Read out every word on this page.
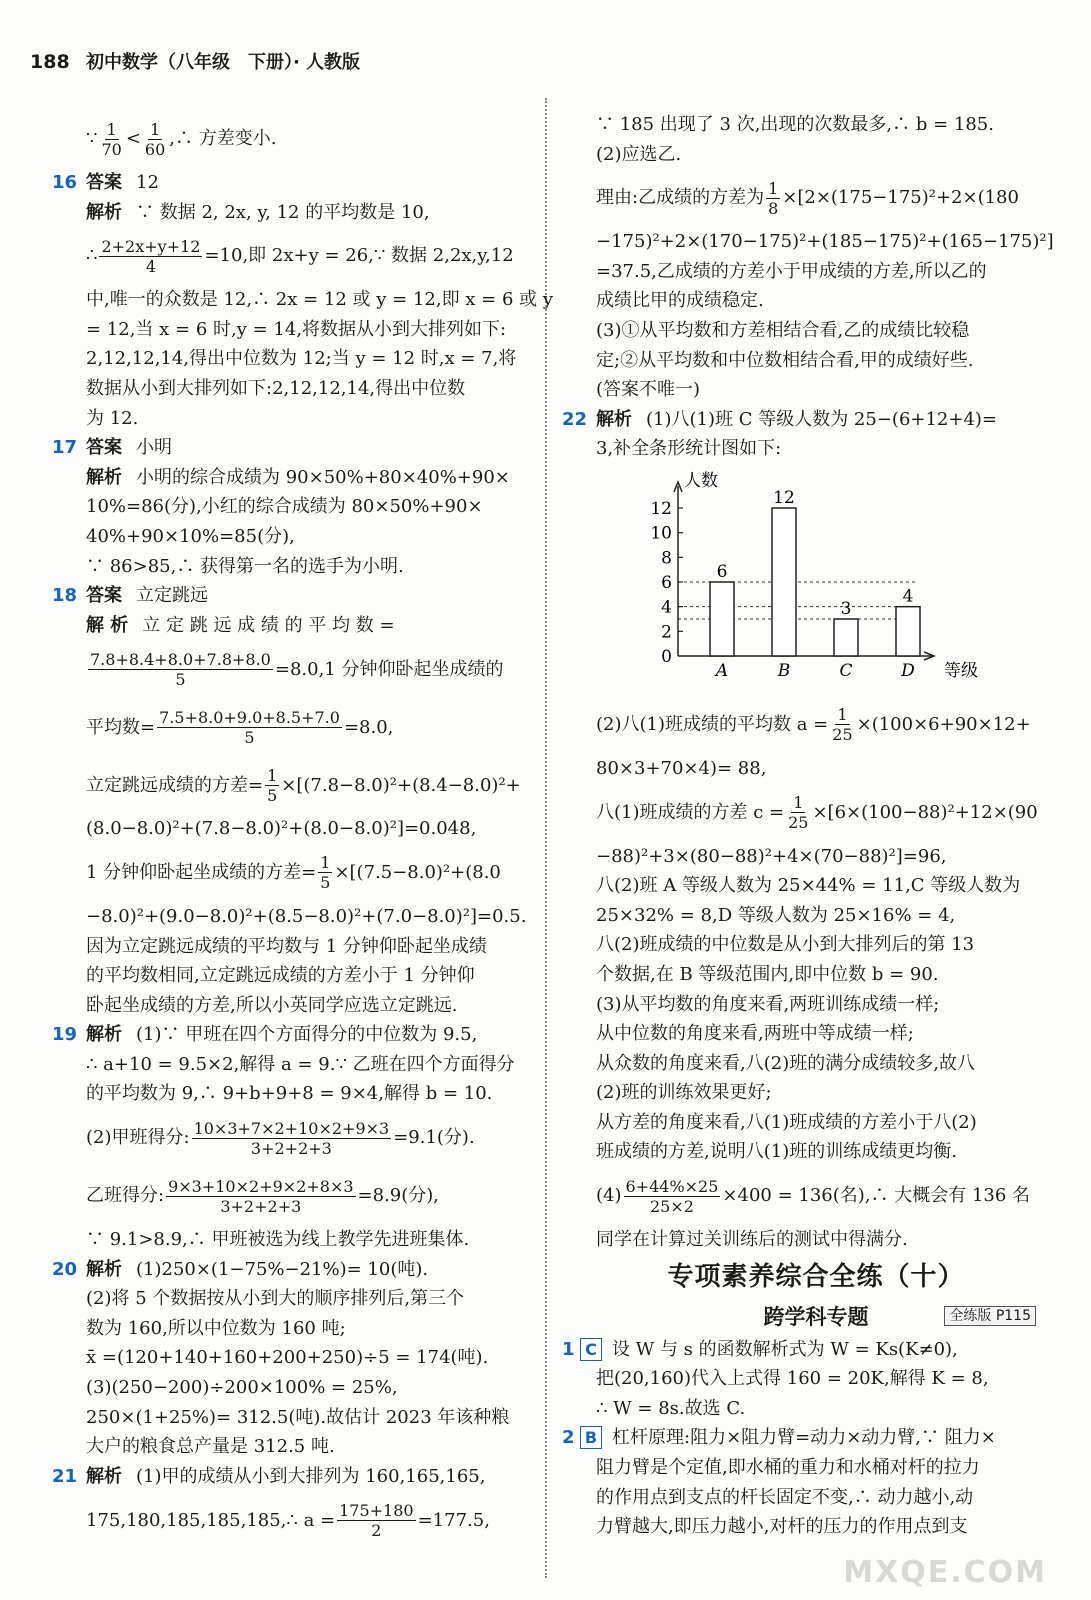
188 初中数学（八年级　下册）· 人教版
∵ $\frac{1}{70} < \frac{1}{60}$ ,∴ 方差变小.
16 答案 12
解析 ∵ 数据 2, 2x, y, 12 的平均数是 10,
∴ $\frac{2+2x+y+12}{4} =10$,即 2x+y = 26,∵ 数据 2,2x,y,12
中,唯一的众数是 12,∴ 2x = 12 或 y = 12,即 x = 6 或 y
= 12,当 x = 6 时,y = 14,将数据从小到大排列如下:
2,12,12,14,得出中位数为 12;当 y = 12 时,x = 7,将
数据从小到大排列如下:2,12,12,14,得出中位数
为 12.
17 答案 小明
解析 小明的综合成绩为 90×50%+80×40%+90×
10%=86(分),小红的综合成绩为 80×50%+90×
40%+90×10%=85(分),
∵ 86>85,∴ 获得第一名的选手为小明.
18 答案 立定跳远
解 析 立 定 跳 远 成 绩 的 平 均 数 =
$\frac{7.8+8.4+8.0+7.8+8.0}{5} =8.0,1$ 分钟仰卧起坐成绩的
平均数= $\frac{7.5+8.0+9.0+8.5+7.0}{5} =8.0$,
立定跳远成绩的方差= $\frac{1}{5} \times[(7.8-8.0)^2+(8.4-8.0)^2+$
(8.0−8.0)²+(7.8−8.0)²+(8.0−8.0)²]=0.048,
1 分钟仰卧起坐成绩的方差= $\frac{1}{5} \times[(7.5-8.0)^2+(8.0$
−8.0)²+(9.0−8.0)²+(8.5−8.0)²+(7.0−8.0)²]=0.5.
因为立定跳远成绩的平均数与 1 分钟仰卧起坐成绩
的平均数相同,立定跳远成绩的方差小于 1 分钟仰
卧起坐成绩的方差,所以小英同学应选立定跳远.
19 解析 (1)∵ 甲班在四个方面得分的中位数为 9.5,
∴ a+10 = 9.5×2,解得 a = 9.∵ 乙班在四个方面得分
的平均数为 9,∴ 9+b+9+8 = 9×4,解得 b = 10.
(2)甲班得分: $\frac{10\times 3+7\times 2+10\times 2+9\times 3}{3+2+2+3} =9.1$(分).
乙班得分: $\frac{9\times 3+10\times 2+9\times 2+8\times 3}{3+2+2+3} =8.9$(分),
∵ 9.1>8.9,∴ 甲班被选为线上教学先进班集体.
20 解析 (1)250×(1−75%−21%)= 10(吨).
(2)将 5 个数据按从小到大的顺序排列后,第三个
数为 160,所以中位数为 160 吨;
x̄ =(120+140+160+200+250)÷5 = 174(吨).
(3)(250−200)÷200×100% = 25%,
250×(1+25%)= 312.5(吨).故估计 2023 年该种粮
大户的粮食总产量是 312.5 吨.
21 解析 (1)甲的成绩从小到大排列为 160,165,165,
175,180,185,185,185,∴ $a = \frac{175+180}{2} =177.5$,
∵ 185 出现了 3 次,出现的次数最多,∴ b = 185.
(2)应选乙.
理由:乙成绩的方差为 $\frac{1}{8} \times[2\times(175-175)^2+2\times(180$
−175)²+2×(170−175)²+(185−175)²+(165−175)²]
=37.5,乙成绩的方差小于甲成绩的方差,所以乙的
成绩比甲的成绩稳定.
(3)①从平均数和方差相结合看,乙的成绩比较稳
定;②从平均数和中位数相结合看,甲的成绩好些.
(答案不唯一)
22 解析 (1)八(1)班 C 等级人数为 25−(6+12+4)=
3,补全条形统计图如下:
0
2
4
6
8
10
12
人数
等级
6
A
12
B
3
C
4
D
(2)八(1)班成绩的平均数 $a = \frac{1}{25} \times(100\times 6+90\times 12+$
80×3+70×4)= 88,
八(1)班成绩的方差 $c = \frac{1}{25} \times[6\times(100-88)^2+12\times(90$
−88)²+3×(80−88)²+4×(70−88)²]=96,
八(2)班 A 等级人数为 25×44% = 11,C 等级人数为
25×32% = 8,D 等级人数为 25×16% = 4,
八(2)班成绩的中位数是从小到大排列后的第 13
个数据,在 B 等级范围内,即中位数 b = 90.
(3)从平均数的角度来看,两班训练成绩一样;
从中位数的角度来看,两班中等成绩一样;
从众数的角度来看,八(2)班的满分成绩较多,故八
(2)班的训练效果更好;
从方差的角度来看,八(1)班成绩的方差小于八(2)
班成绩的方差,说明八(1)班的训练成绩更均衡.
$(4) \frac{6+44\%\times 25}{25\times 2} \times 400 = 136$(名),∴ 大概会有 136 名
同学在计算过关训练后的测试中得满分.
专项素养综合全练（十）
跨学科专题	全练版 P115
1 C 设 W 与 s 的函数解析式为 W = Ks(K≠0),
把(20,160)代入上式得 160 = 20K,解得 K = 8,
∴ W = 8s.故选 C.
2 B 杠杆原理:阻力×阻力臂=动力×动力臂,∵ 阻力×
阻力臂是个定值,即水桶的重力和水桶对杆的拉力
的作用点到支点的杆长固定不变,∴ 动力越小,动
力臂越大,即压力越小,对杆的压力的作用点到支
MXQE.COM
